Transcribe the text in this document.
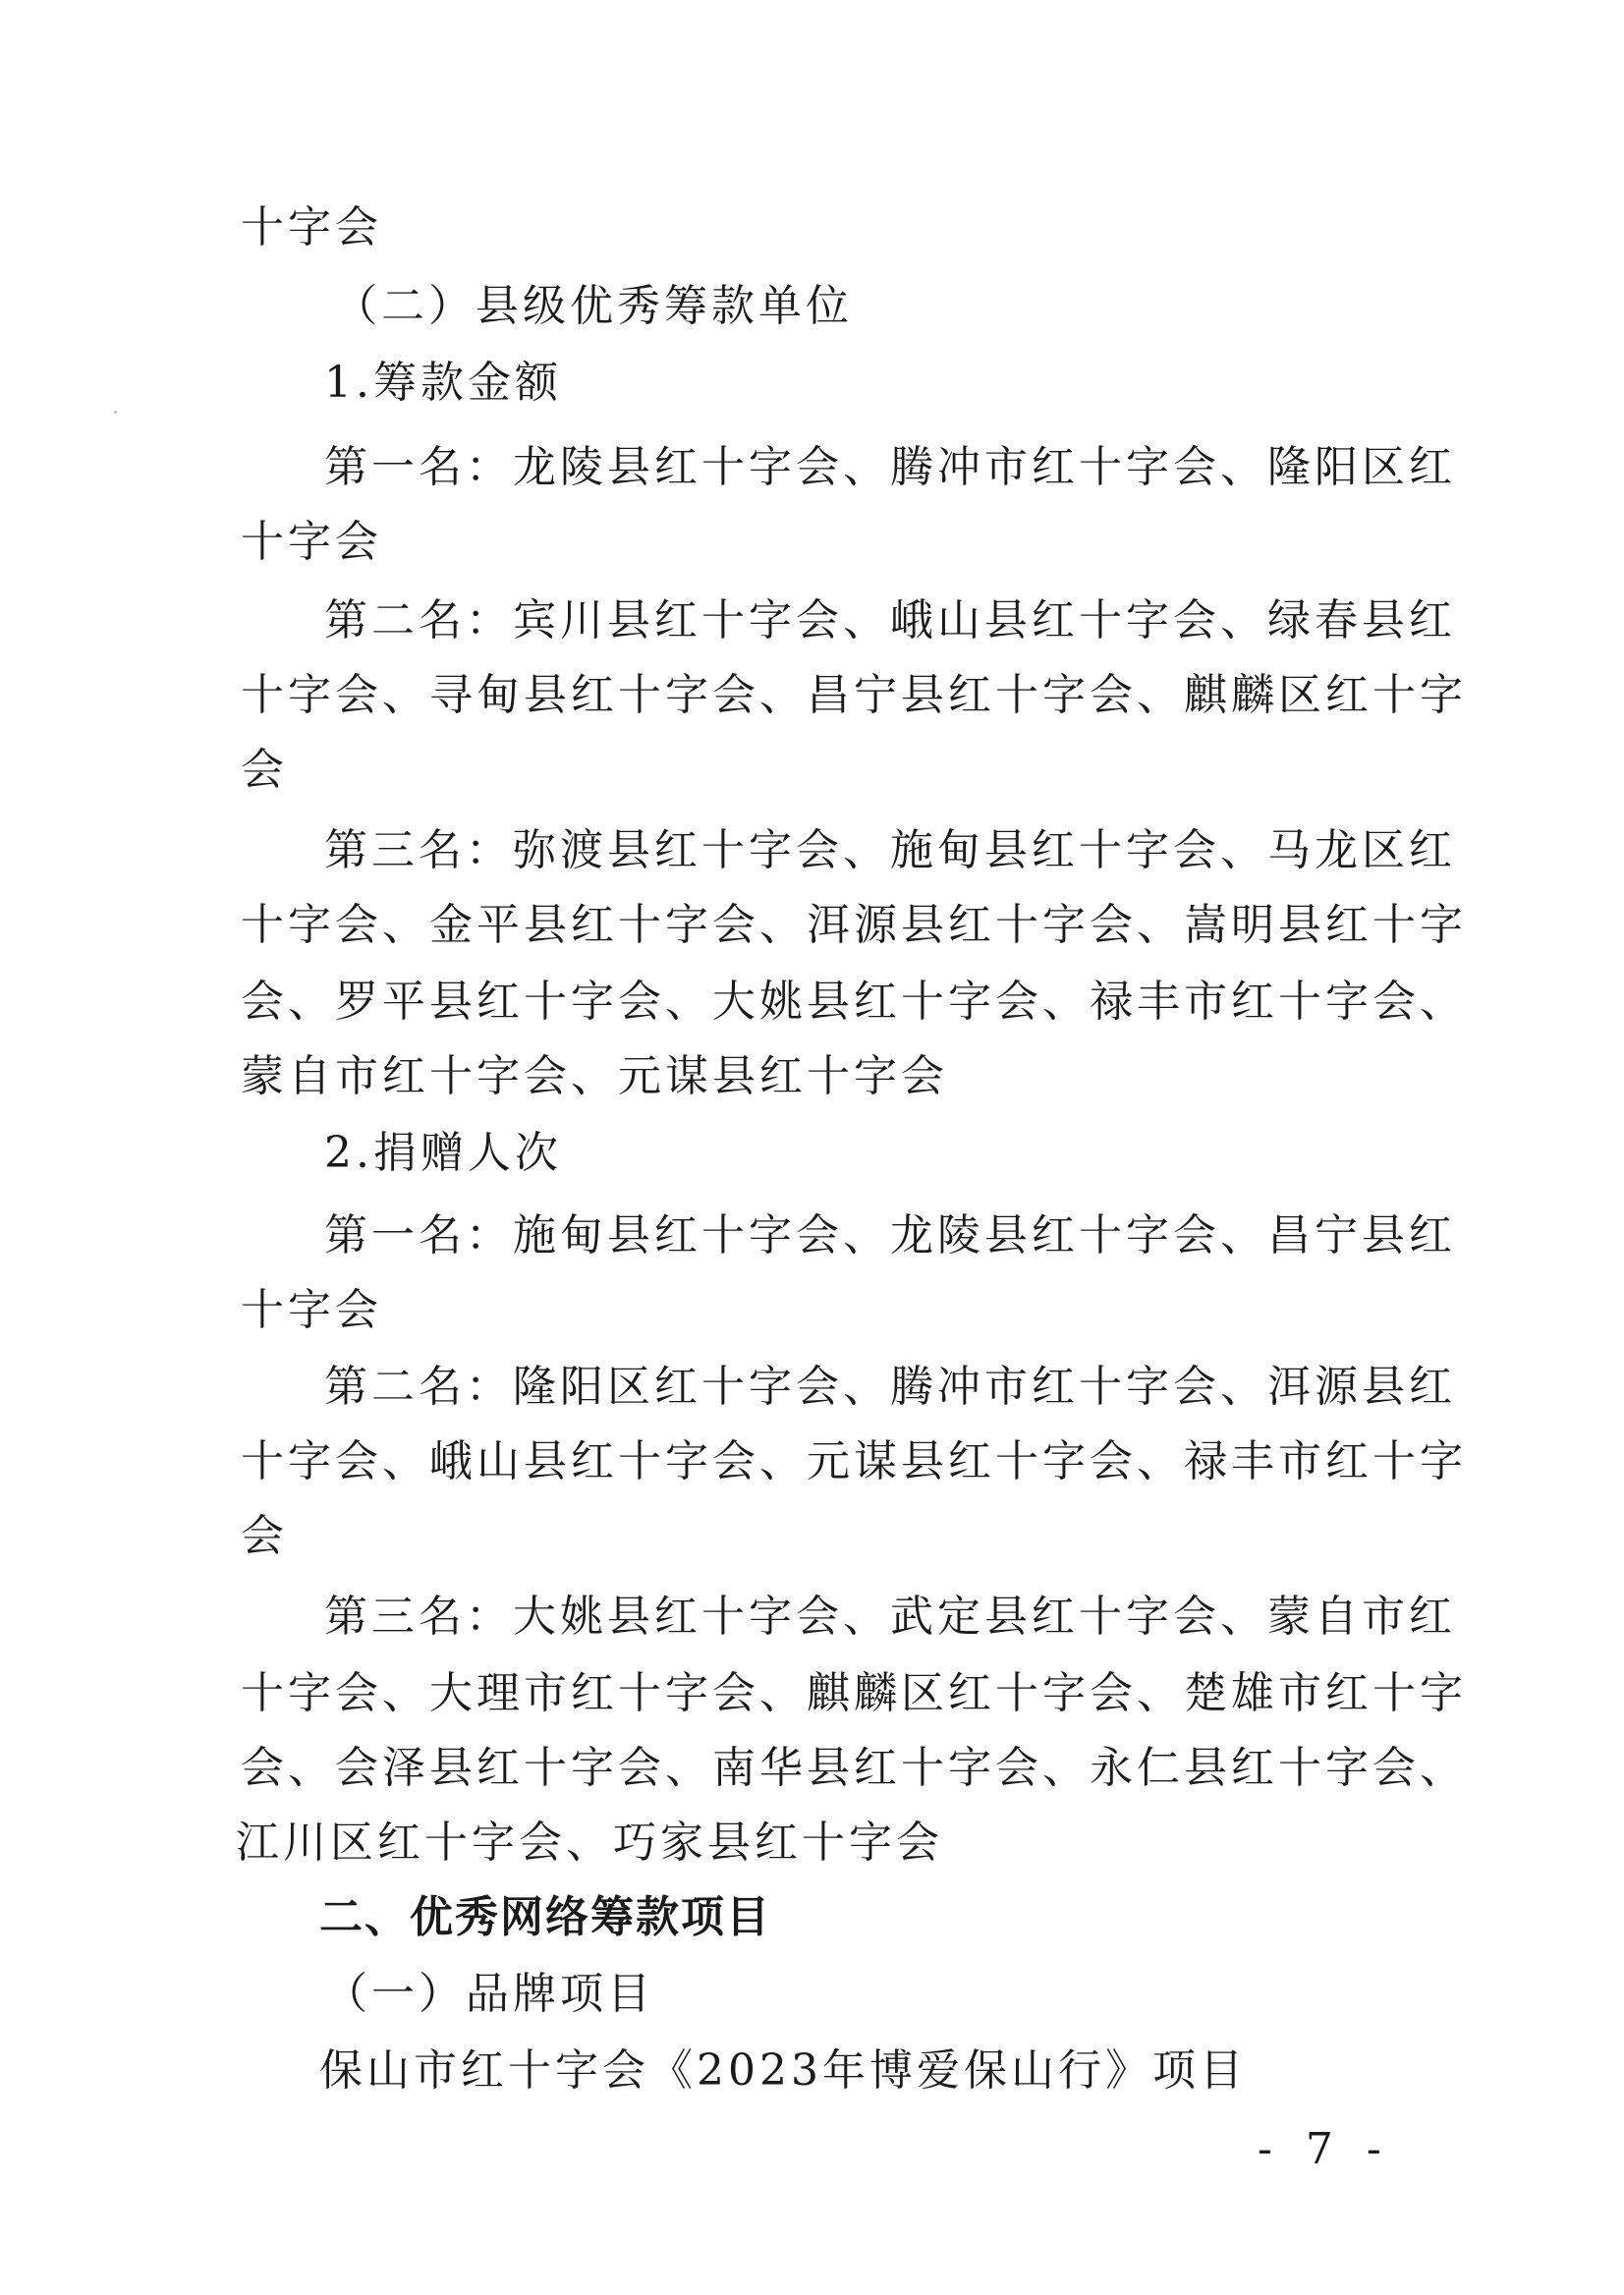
十字会
（二）县级优秀筹款单位
1.筹款金额
第一名：龙陵县红十字会、腾冲市红十字会、隆阳区红
十字会
第二名：宾川县红十字会、峨山县红十字会、绿春县红
十字会、寻甸县红十字会、昌宁县红十字会、麒麟区红十字
会
第三名：弥渡县红十字会、施甸县红十字会、马龙区红
十字会、金平县红十字会、洱源县红十字会、嵩明县红十字
会、罗平县红十字会、大姚县红十字会、禄丰市红十字会、
蒙自市红十字会、元谋县红十字会
2.捐赠人次
第一名：施甸县红十字会、龙陵县红十字会、昌宁县红
十字会
第二名：隆阳区红十字会、腾冲市红十字会、洱源县红
十字会、峨山县红十字会、元谋县红十字会、禄丰市红十字
会
第三名：大姚县红十字会、武定县红十字会、蒙自市红
十字会、大理市红十字会、麒麟区红十字会、楚雄市红十字
会、会泽县红十字会、南华县红十字会、永仁县红十字会、
江川区红十字会、巧家县红十字会
二、优秀网络筹款项目
（一）品牌项目
保山市红十字会《2023年博爱保山行》项目
- 7 -
